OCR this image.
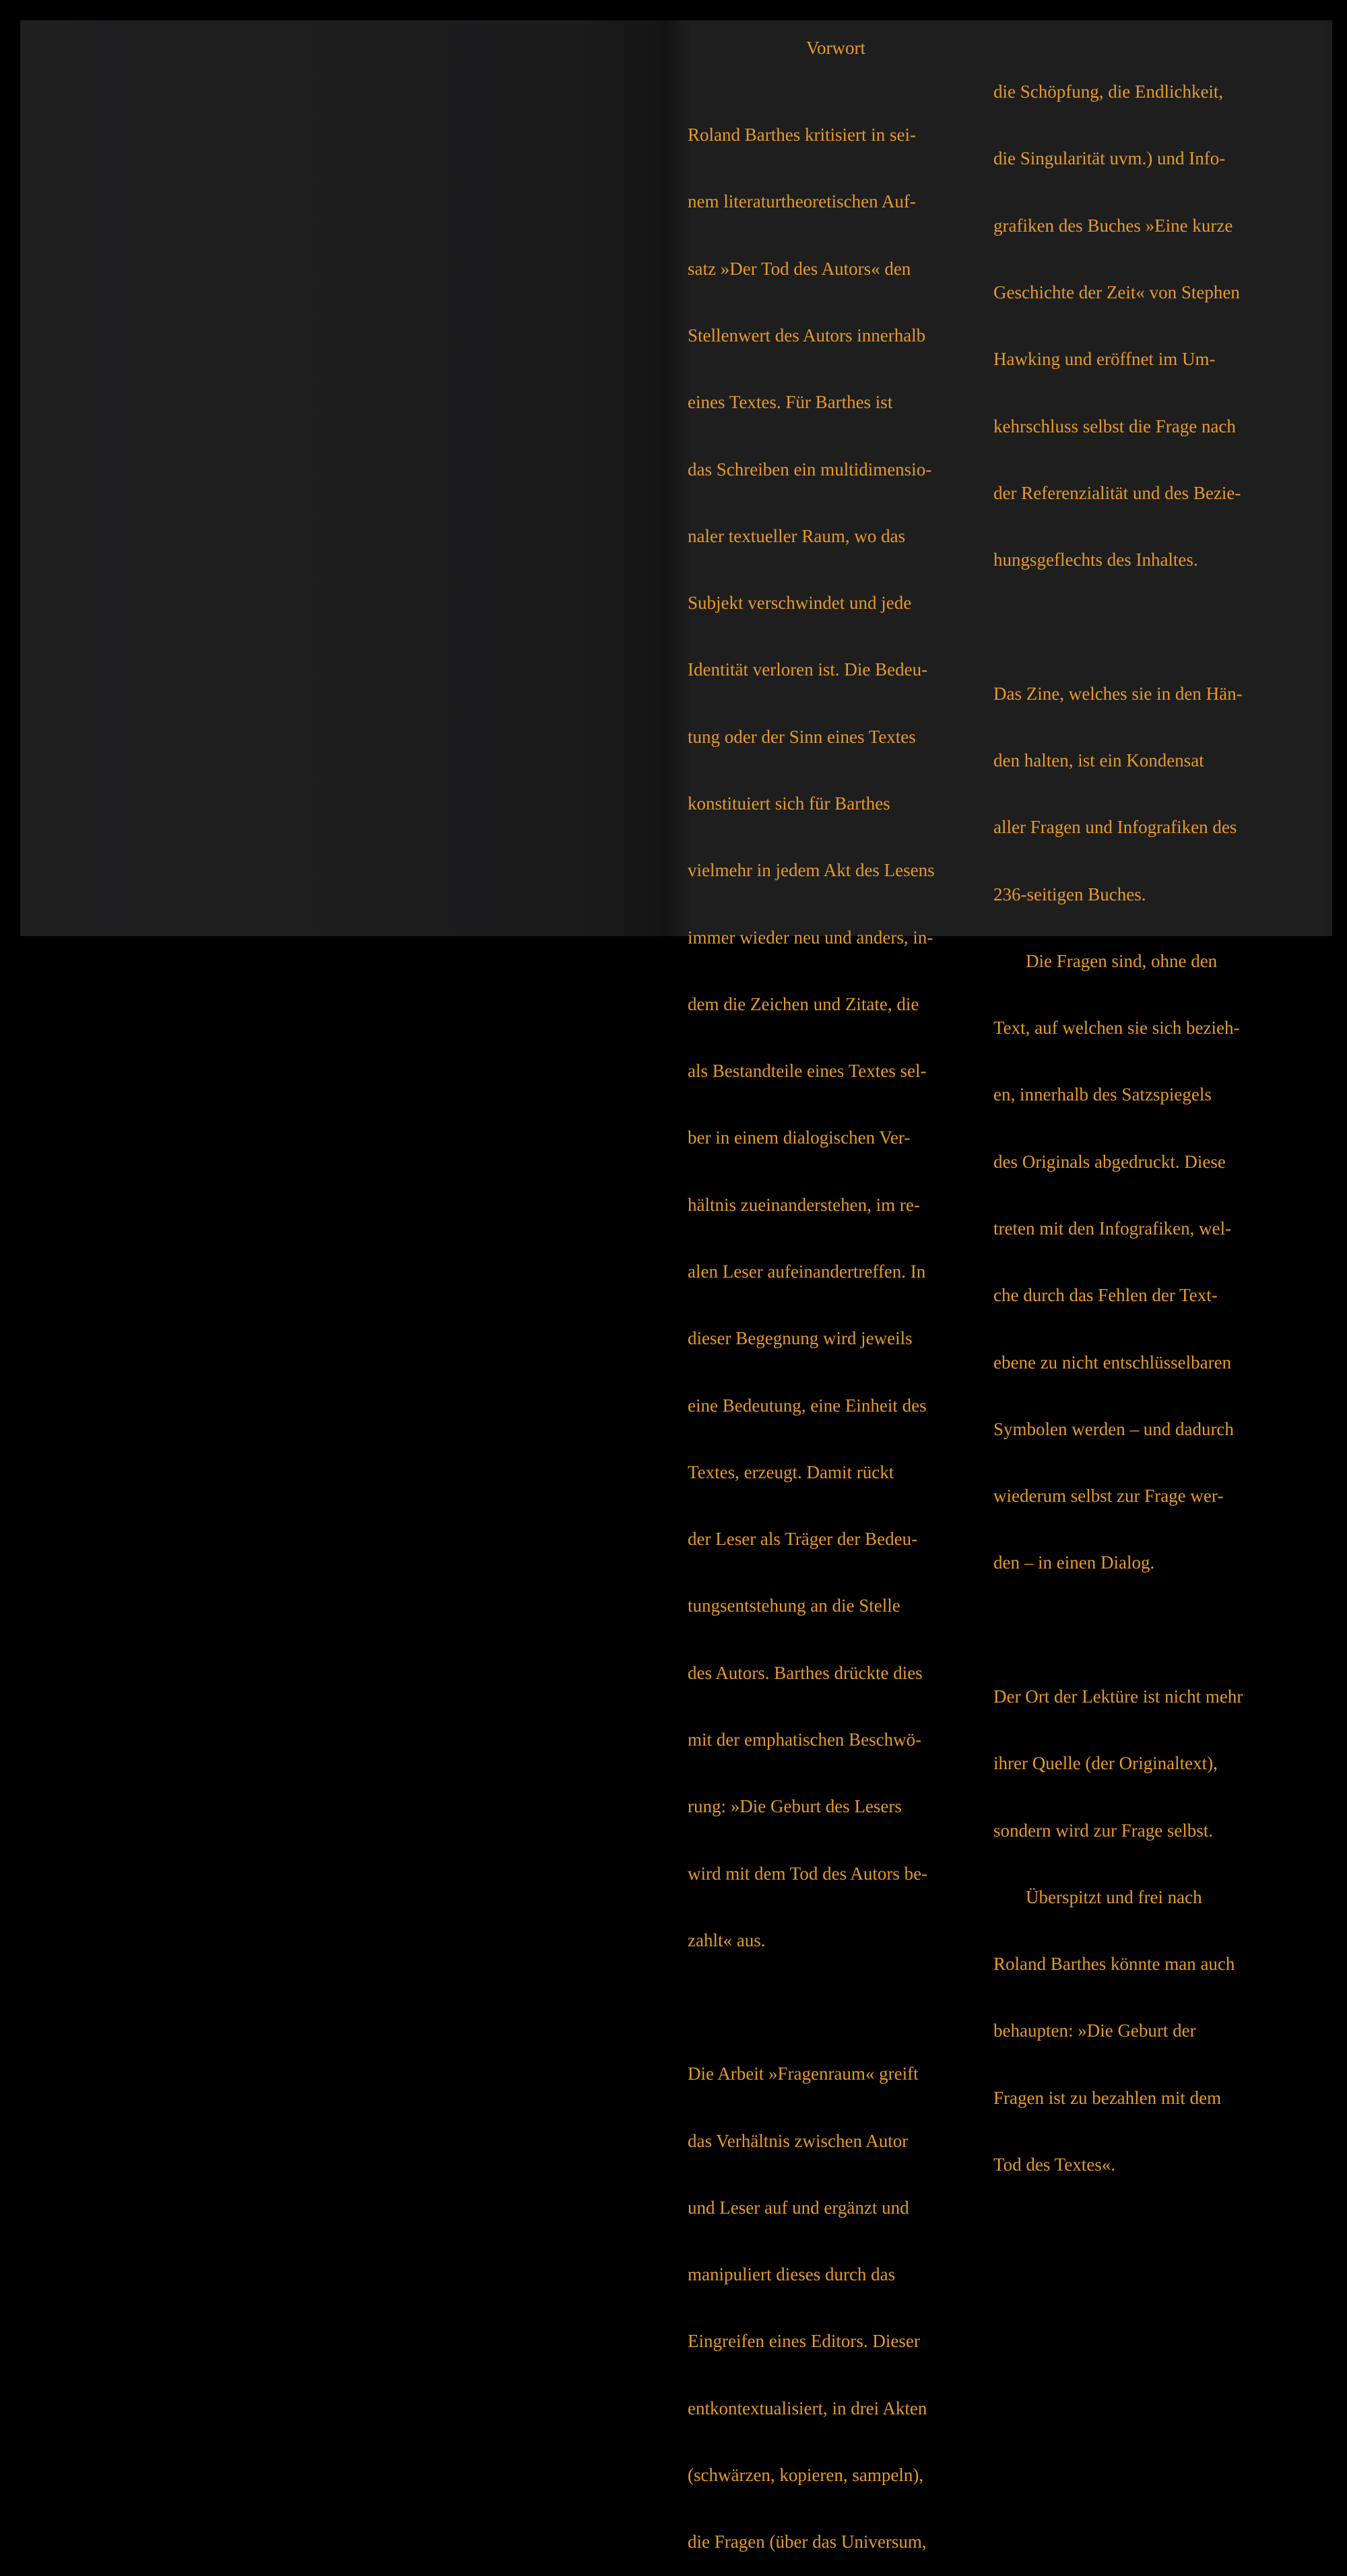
Vorwort

Roland Barthes kritisiert in sei-

nem literaturtheoretischen Auf-

satz »Der Tod des Autors« den

Stellenwert des Autors innerhalb

eines Textes. Für Barthes ist

das Schreiben ein multidimensio-

naler textueller Raum, wo das

Subjekt verschwindet und jede

Identität verloren ist. Die Bedeu-

tung oder der Sinn eines Textes

konstituiert sich für Barthes

vielmehr in jedem Akt des Lesens

immer wieder neu und anders, in-

dem die Zeichen und Zitate, die

als Bestandteile eines Textes sel-

ber in einem dialogischen Ver-

hältnis zueinanderstehen, im re-

alen Leser aufeinandertreffen. In

dieser Begegnung wird jeweils

eine Bedeutung, eine Einheit des

Textes, erzeugt. Damit rückt

der Leser als Träger der Bedeu-

tungsentstehung an die Stelle

des Autors. Barthes drückte dies

mit der emphatischen Beschwö-

rung: »Die Geburt des Lesers

wird mit dem Tod des Autors be-

zahlt« aus.

Die Arbeit »Fragenraum« greift

das Verhältnis zwischen Autor

und Leser auf und ergänzt und

manipuliert dieses durch das

Eingreifen eines Editors. Dieser

entkontextualisiert, in drei Akten

(schwärzen, kopieren, sampeln),

die Fragen (über das Universum,

die Schöpfung, die Endlichkeit,

die Singularität uvm.) und Info-

grafiken des Buches »Eine kurze

Geschichte der Zeit« von Stephen

Hawking und eröffnet im Um-

kehrschluss selbst die Frage nach

der Referenzialität und des Bezie-

hungsgeflechts des Inhaltes.

Das Zine, welches sie in den Hän-

den halten, ist ein Kondensat

aller Fragen und Infografiken des

236-seitigen Buches.

Die Fragen sind, ohne den

Text, auf welchen sie sich bezieh-

en, innerhalb des Satzspiegels

des Originals abgedruckt. Diese

treten mit den Infografiken, wel-

che durch das Fehlen der Text-

ebene zu nicht entschlüsselbaren

Symbolen werden – und dadurch

wiederum selbst zur Frage wer-

den – in einen Dialog.

Der Ort der Lektüre ist nicht mehr

ihrer Quelle (der Originaltext),

sondern wird zur Frage selbst.

Überspitzt und frei nach

Roland Barthes könnte man auch

behaupten: »Die Geburt der

Fragen ist zu bezahlen mit dem

Tod des Textes«.
